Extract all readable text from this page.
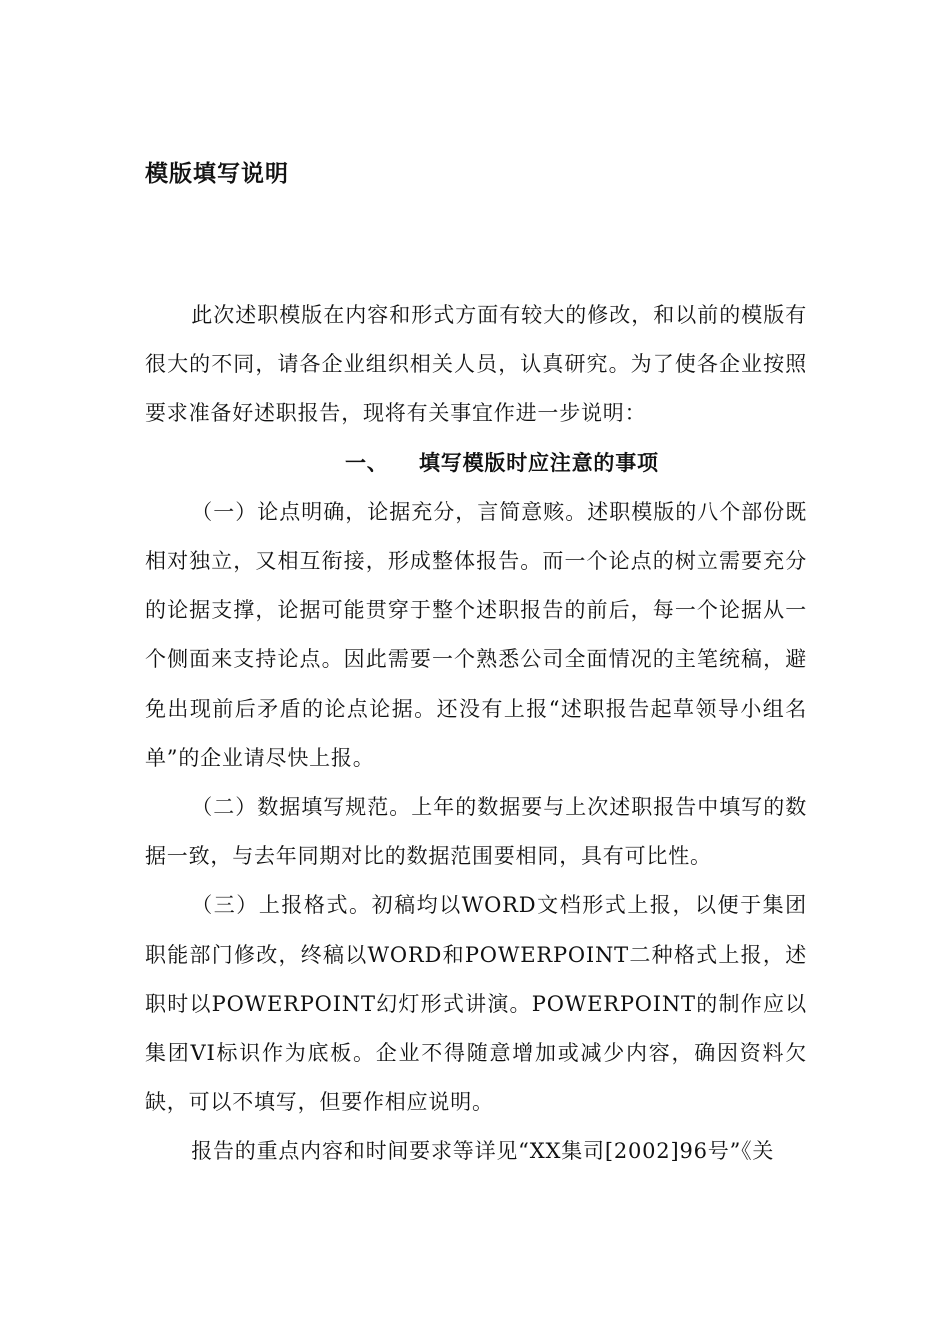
模版填写说明

此次述职模版在内容和形式方面有较大的修改，和以前的模版有很大的不同，请各企业组织相关人员，认真研究。为了使各企业按照要求准备好述职报告，现将有关事宜作进一步说明：

一、 填写模版时应注意的事项

（一）论点明确，论据充分，言简意赅。述职模版的八个部份既相对独立，又相互衔接，形成整体报告。而一个论点的树立需要充分的论据支撑，论据可能贯穿于整个述职报告的前后，每一个论据从一个侧面来支持论点。因此需要一个熟悉公司全面情况的主笔统稿，避免出现前后矛盾的论点论据。还没有上报“述职报告起草领导小组名单”的企业请尽快上报。

（二）数据填写规范。上年的数据要与上次述职报告中填写的数据一致，与去年同期对比的数据范围要相同，具有可比性。

（三）上报格式。初稿均以WORD文档形式上报，以便于集团职能部门修改，终稿以WORD和POWERPOINT二种格式上报，述职时以POWERPOINT幻灯形式讲演。POWERPOINT的制作应以集团VI标识作为底板。企业不得随意增加或减少内容，确因资料欠缺，可以不填写，但要作相应说明。

报告的重点内容和时间要求等详见“XX集司[2002]96号”《关
